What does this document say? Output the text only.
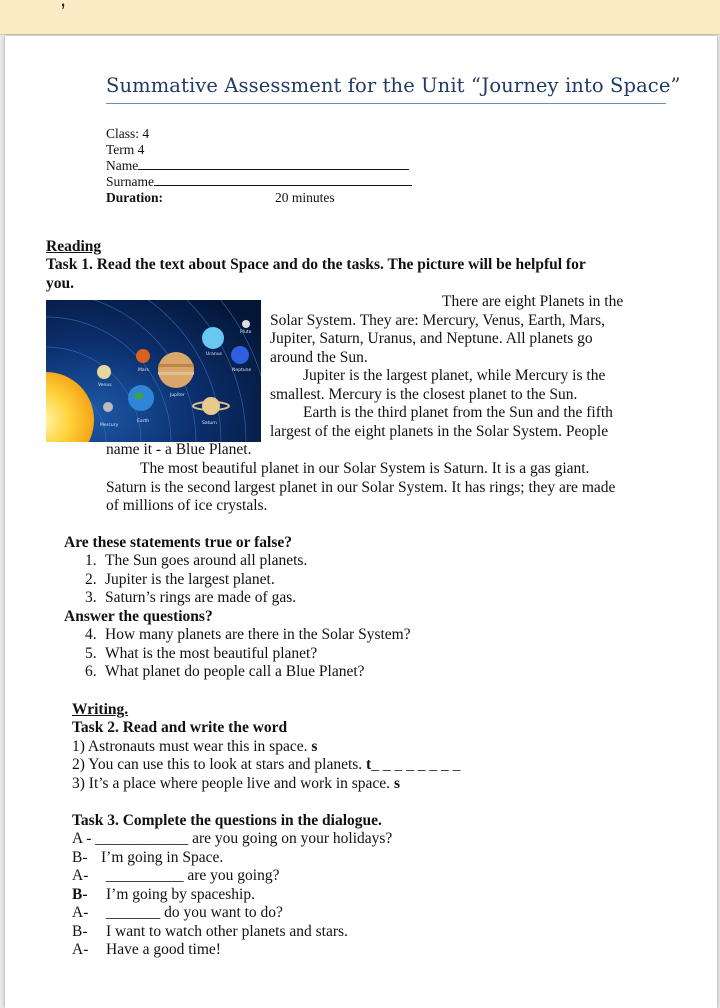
Summative Assessment for the Unit “Journey into Space”
Class: 4
Term 4
Name
Surname
Duration:	20 minutes
Reading
Task 1. Read the text about Space and do the tasks. The picture will be helpful for
you.
Pluto
Uranus
Neptune
Mars
Venus
Jupiter
Earth
Mercury	Saturn
There are eight Planets in the
Solar System. They are: Mercury, Venus, Earth, Mars,
Jupiter, Saturn, Uranus, and Neptune. All planets go
around the Sun.
Jupiter is the largest planet, while Mercury is the
smallest. Mercury is the closest planet to the Sun.
Earth is the third planet from the Sun and the fifth
largest of the eight planets in the Solar System. People
name it - a Blue Planet.
The most beautiful planet in our Solar System is Saturn. It is a gas giant.
Saturn is the second largest planet in our Solar System. It has rings; they are made
of millions of ice crystals.
Are these statements true or false?
1. The Sun goes around all planets.
2. Jupiter is the largest planet.
3. Saturn’s rings are made of gas.
Answer the questions?
4. How many planets are there in the Solar System?
5. What is the most beautiful planet?
6. What planet do people call a Blue Planet?
Writing.
Task 2. Read and write the word
1) Astronauts must wear this in space. s
2) You can use this to look at stars and planets. t_ _ _ _ _ _ _ _
3) It’s a place where people live and work in space. s
Task 3. Complete the questions in the dialogue.
A - ____________ are you going on your holidays?
B- I’m going in Space.
A- __________ are you going?
B- I’m going by spaceship.
A- _______ do you want to do?
B- I want to watch other planets and stars.
A- Have a good time!
